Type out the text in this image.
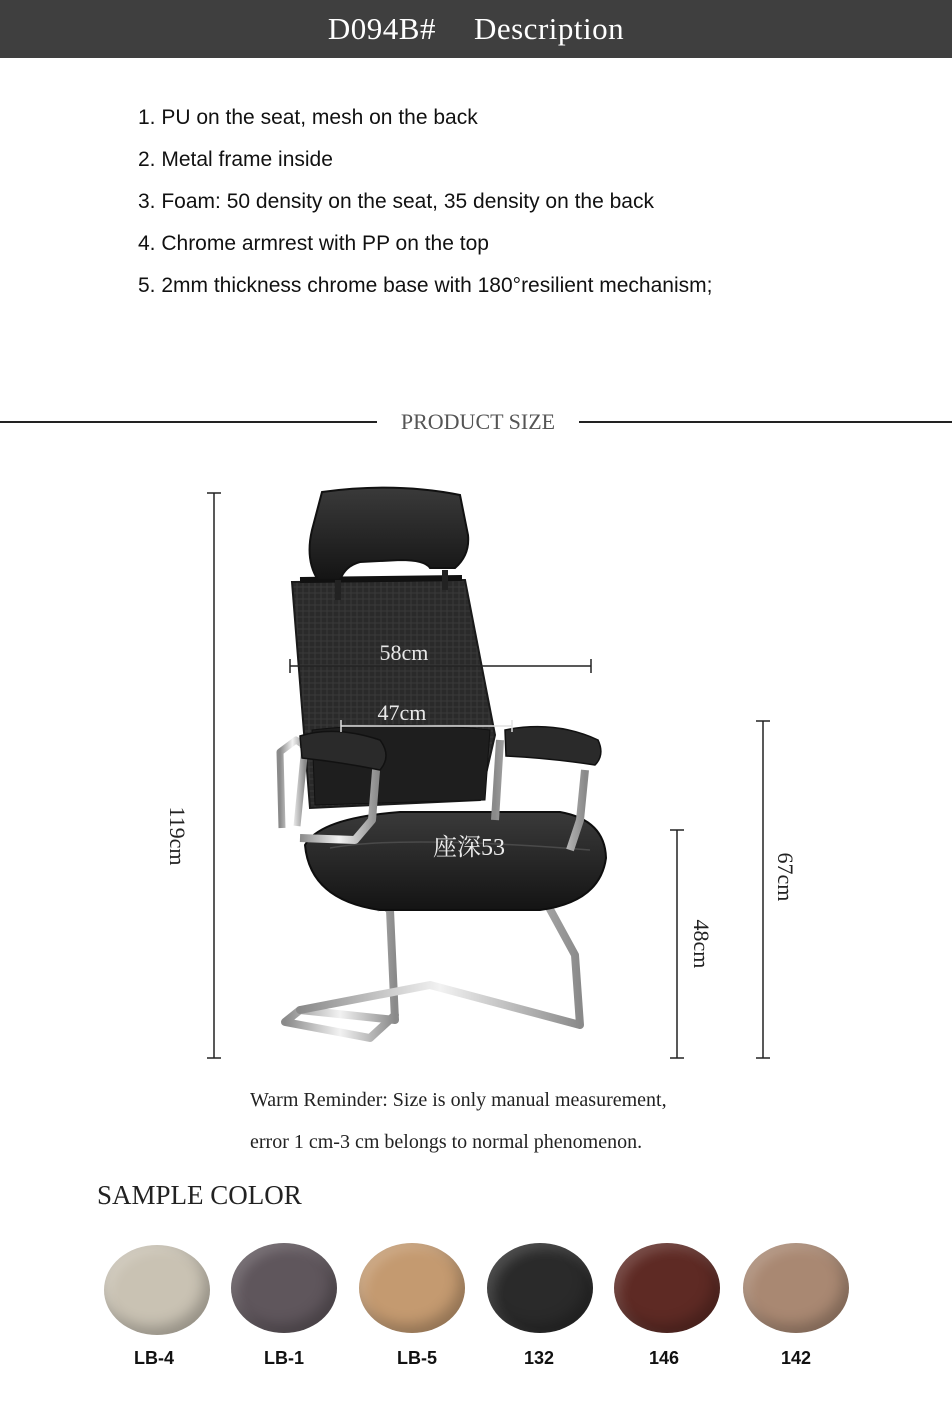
D094B# Description
1. PU on the seat, mesh on the back
2. Metal frame inside
3. Foam: 50 density on the seat, 35 density on the back
4. Chrome armrest with PP on the top
5. 2mm thickness chrome base with 180°resilient mechanism;
PRODUCT SIZE
119cm
58cm
47cm
座深53
48cm
67cm
Warm Reminder: Size is only manual measurement,
error 1 cm-3 cm belongs to normal phenomenon.
SAMPLE COLOR
LB-4	LB-1	LB-5	132	146	142
